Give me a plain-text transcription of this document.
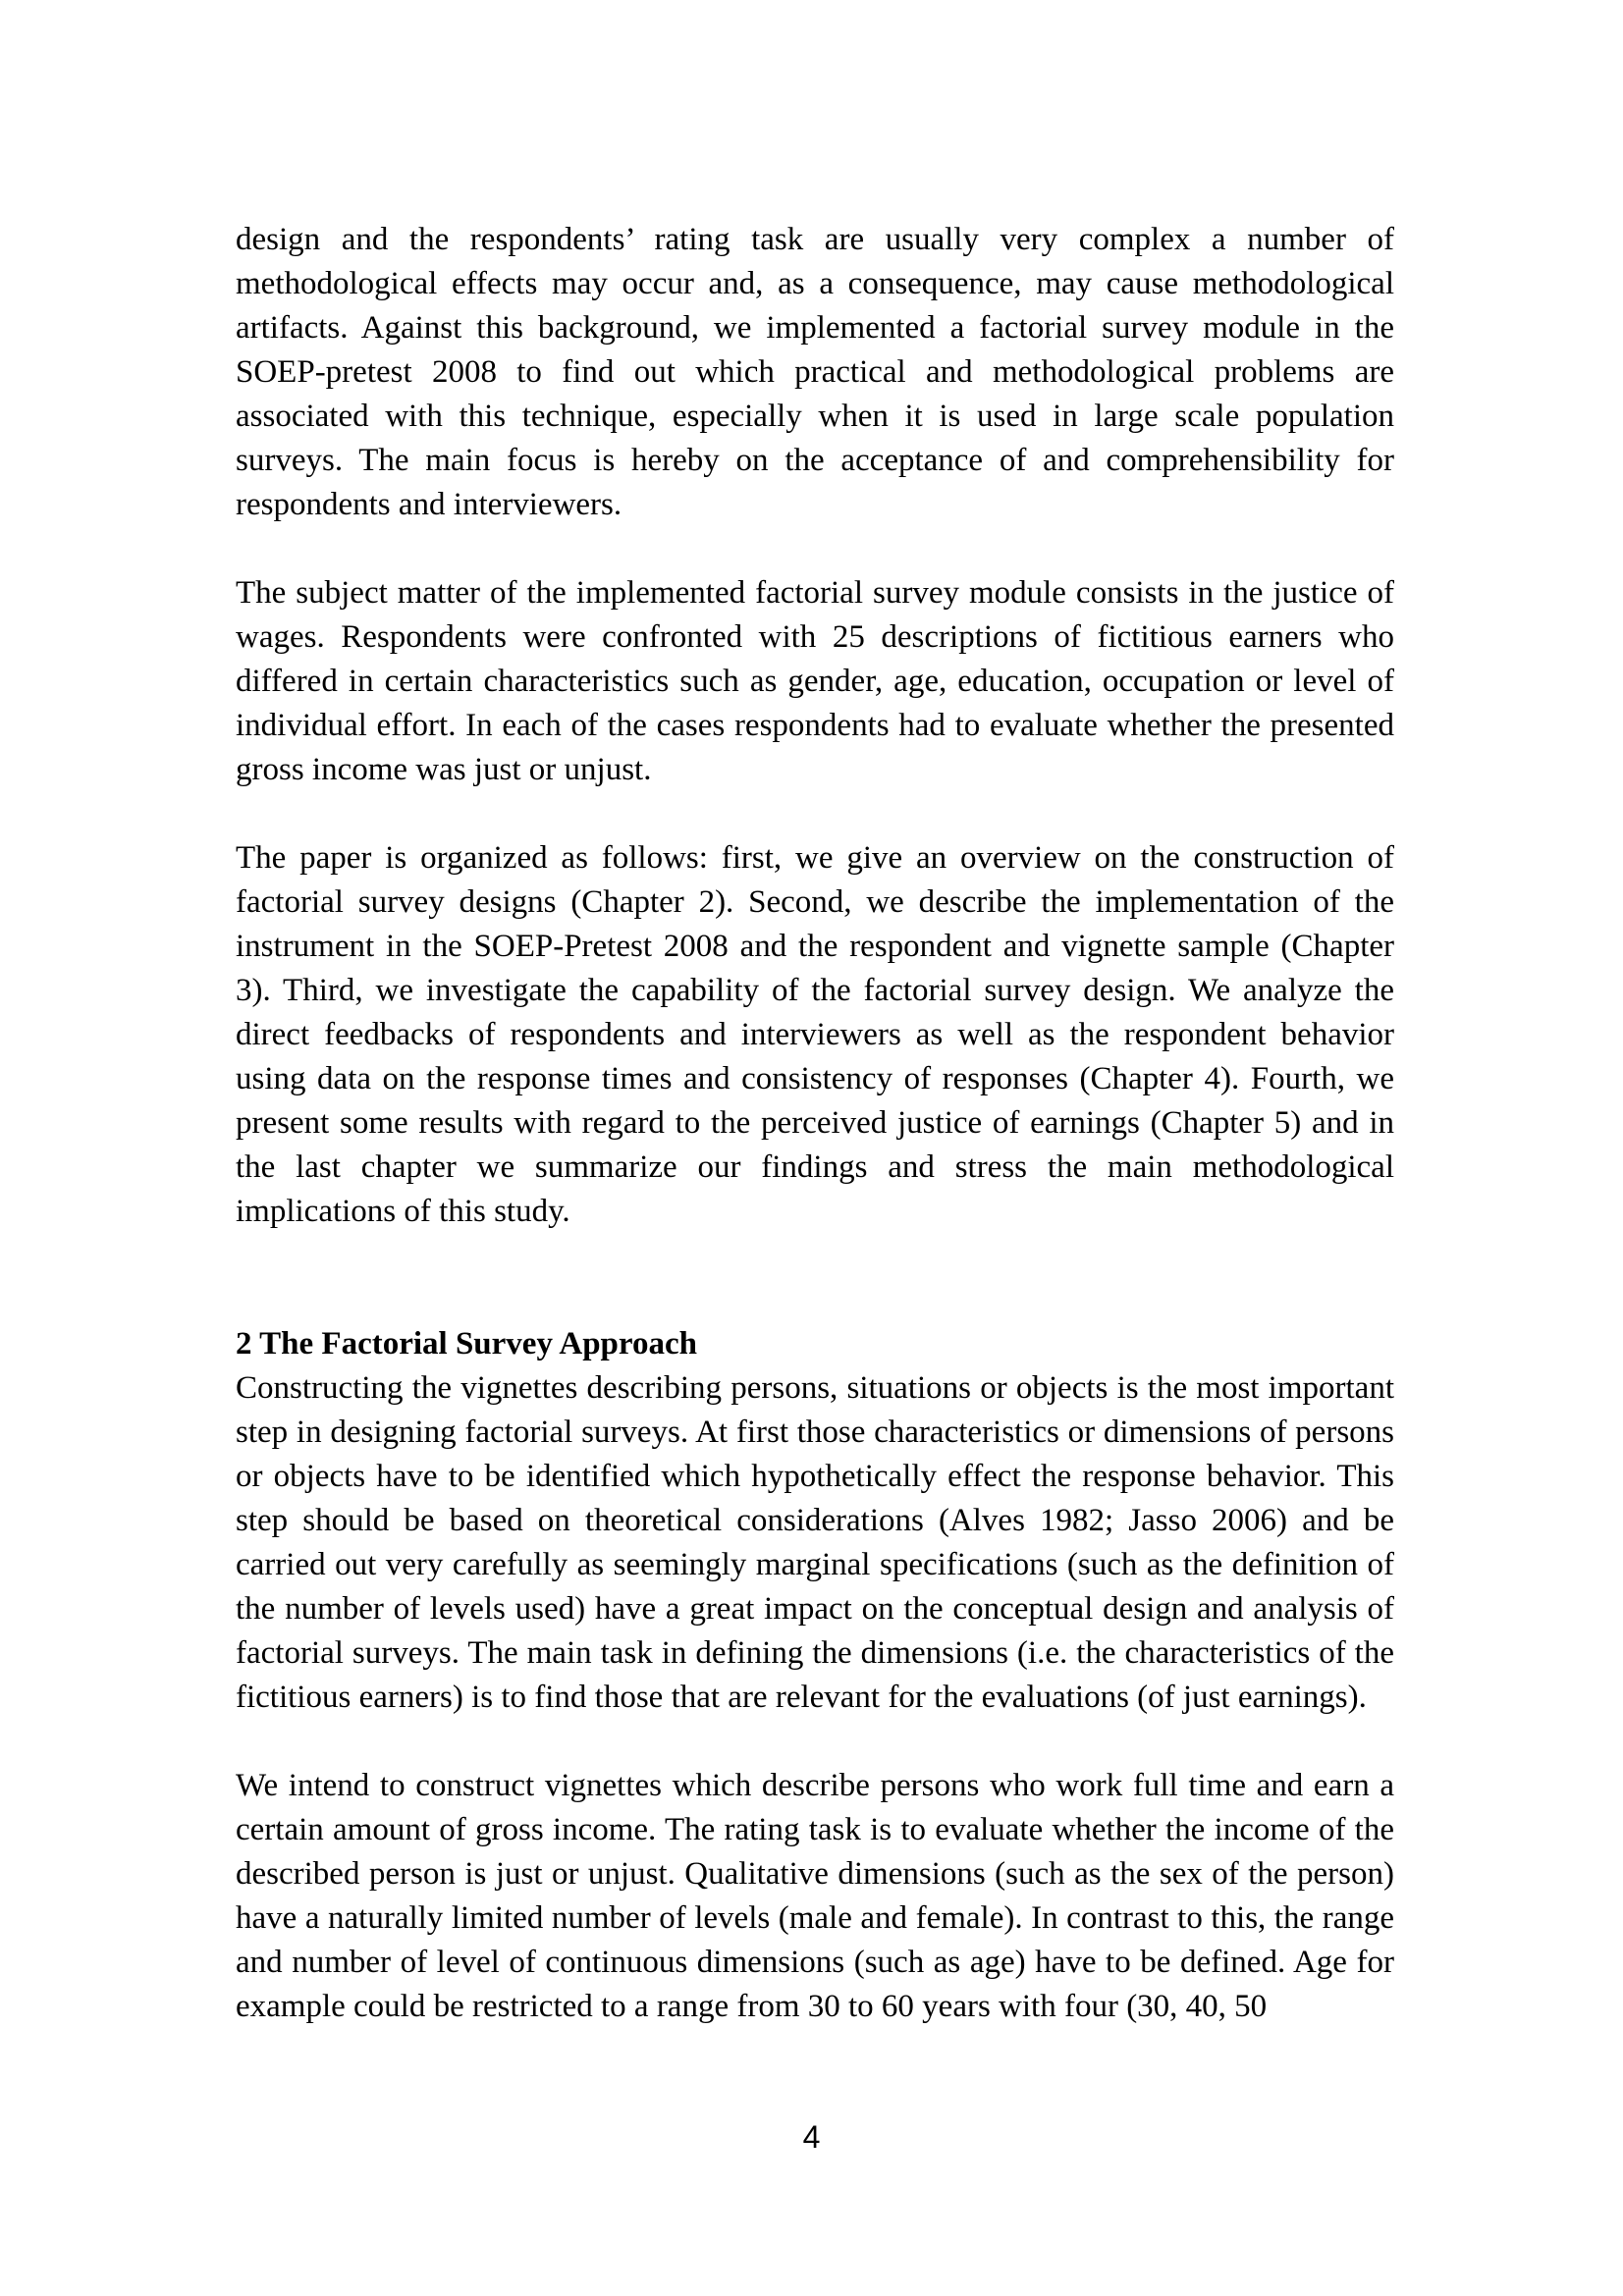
design and the respondents’ rating task are usually very complex a number of methodological effects may occur and, as a consequence, may cause methodological artifacts. Against this background, we implemented a factorial survey module in the SOEP-pretest 2008 to find out which practical and methodological problems are associated with this technique, especially when it is used in large scale population surveys. The main focus is hereby on the acceptance of and comprehensibility for respondents and interviewers.

The subject matter of the implemented factorial survey module consists in the justice of wages. Respondents were confronted with 25 descriptions of fictitious earners who differed in certain characteristics such as gender, age, education, occupation or level of individual effort. In each of the cases respondents had to evaluate whether the presented gross income was just or unjust.

The paper is organized as follows: first, we give an overview on the construction of factorial survey designs (Chapter 2). Second, we describe the implementation of the instrument in the SOEP-Pretest 2008 and the respondent and vignette sample (Chapter 3). Third, we investigate the capability of the factorial survey design. We analyze the direct feedbacks of respondents and interviewers as well as the respondent behavior using data on the response times and consistency of responses (Chapter 4). Fourth, we present some results with regard to the perceived justice of earnings (Chapter 5) and in the last chapter we summarize our findings and stress the main methodological implications of this study.

2 The Factorial Survey Approach

Constructing the vignettes describing persons, situations or objects is the most important step in designing factorial surveys. At first those characteristics or dimensions of persons or objects have to be identified which hypothetically effect the response behavior. This step should be based on theoretical considerations (Alves 1982; Jasso 2006) and be carried out very carefully as seemingly marginal specifications (such as the definition of the number of levels used) have a great impact on the conceptual design and analysis of factorial surveys. The main task in defining the dimensions (i.e. the characteristics of the fictitious earners) is to find those that are relevant for the evaluations (of just earnings).

We intend to construct vignettes which describe persons who work full time and earn a certain amount of gross income. The rating task is to evaluate whether the income of the described person is just or unjust. Qualitative dimensions (such as the sex of the person) have a naturally limited number of levels (male and female). In contrast to this, the range and number of level of continuous dimensions (such as age) have to be defined. Age for example could be restricted to a range from 30 to 60 years with four (30, 40, 50

4
